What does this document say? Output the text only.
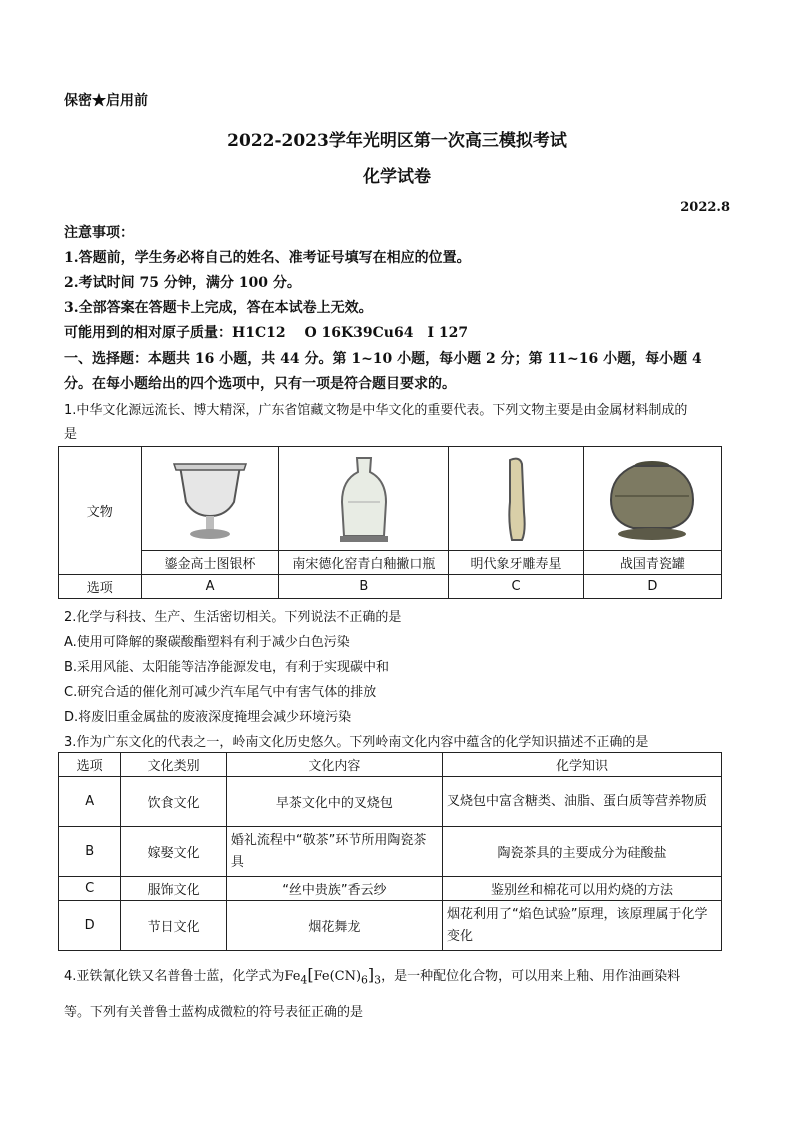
保密★启用前
2022-2023学年光明区第一次高三模拟考试
化学试卷
2022.8
注意事项：
1.答题前，学生务必将自己的姓名、准考证号填写在相应的位置。
2.考试时间 75 分钟，满分 100 分。
3.全部答案在答题卡上完成，答在本试卷上无效。
可能用到的相对原子质量：H1C12　 O 16K39Cu64　I 127
一、选择题：本题共 16 小题，共 44 分。第 1~10 小题，每小题 2 分；第 11~16 小题，每小题 4
分。在每小题给出的四个选项中，只有一项是符合题目要求的。
1.中华文化源远流长、博大精深，广东省馆藏文物是中华文化的重要代表。下列文物主要是由金属材料制成的
是
文物	

	鎏金高士图银杯	南宋德化窑青白釉撇口瓶	明代象牙雕寿星	战国青瓷罐
选项	A	B	C	D
2.化学与科技、生产、生活密切相关。下列说法不正确的是
A.使用可降解的聚碳酸酯塑料有利于减少白色污染
B.采用风能、太阳能等洁净能源发电，有利于实现碳中和
C.研究合适的催化剂可减少汽车尾气中有害气体的排放
D.将废旧重金属盐的废液深度掩埋会减少环境污染
3.作为广东文化的代表之一，岭南文化历史悠久。下列岭南文化内容中蕴含的化学知识描述不正确的是
选项	文化类别	文化内容	化学知识
A	饮食文化	早茶文化中的叉烧包	叉烧包中富含糖类、油脂、蛋白质等营养物质
B	嫁娶文化	婚礼流程中“敬茶”环节所用陶瓷茶具	陶瓷茶具的主要成分为硅酸盐
C	服饰文化	“丝中贵族”香云纱	鉴别丝和棉花可以用灼烧的方法
D	节日文化	烟花舞龙	烟花利用了“焰色试验”原理，该原理属于化学变化
4.亚铁氰化铁又名普鲁士蓝，化学式为$Fe_4[Fe(CN)_6]_3$，是一种配位化合物，可以用来上釉、用作油画染料
等。下列有关普鲁士蓝构成微粒的符号表征正确的是
